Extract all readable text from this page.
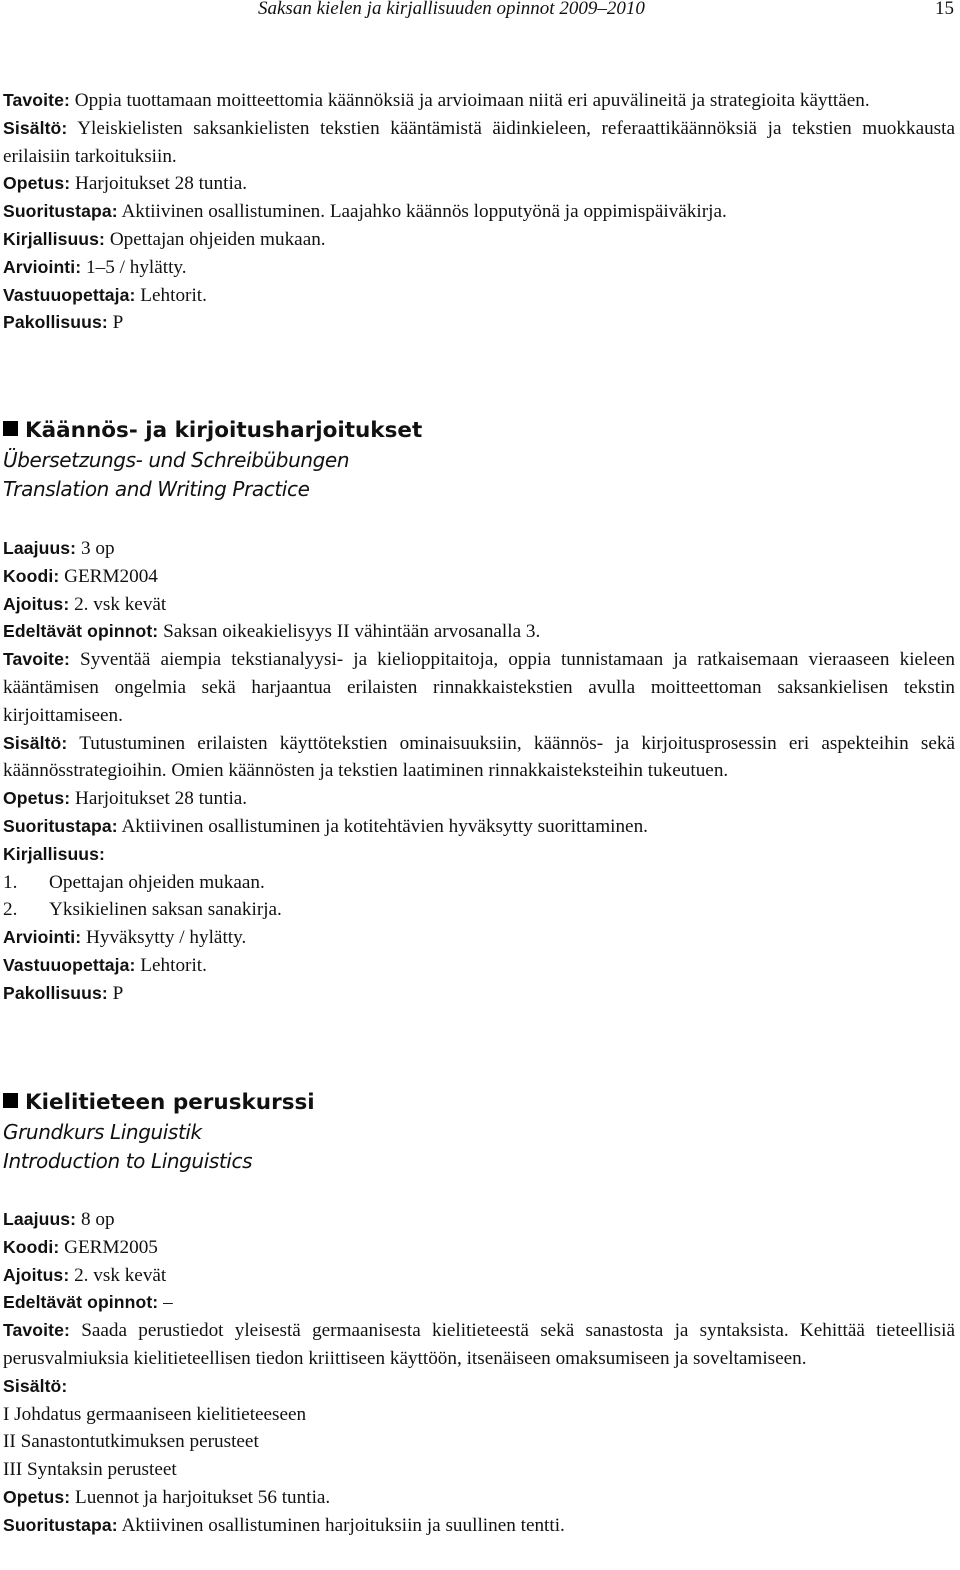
Saksan kielen ja kirjallisuuden opinnot 2009–2010	15

Tavoite: Oppia tuottamaan moitteettomia käännöksiä ja arvioimaan niitä eri apuvälineitä ja strategioita käyttäen.

Sisältö: Yleiskielisten saksankielisten tekstien kääntämistä äidinkieleen, referaattikäännöksiä ja tekstien muokkausta erilaisiin tarkoituksiin.

Opetus: Harjoitukset 28 tuntia.

Suoritustapa: Aktiivinen osallistuminen. Laajahko käännös lopputyönä ja oppimispäiväkirja.

Kirjallisuus: Opettajan ohjeiden mukaan.

Arviointi: 1–5 / hylätty.

Vastuuopettaja: Lehtorit.

Pakollisuus: P

Käännös- ja kirjoitusharjoitukset
Übersetzungs- und Schreibübungen
Translation and Writing Practice

Laajuus: 3 op

Koodi: GERM2004

Ajoitus: 2. vsk kevät

Edeltävät opinnot: Saksan oikeakielisyys II vähintään arvosanalla 3.

Tavoite: Syventää aiempia tekstianalyysi- ja kielioppitaitoja, oppia tunnistamaan ja ratkaisemaan vieraaseen kieleen kääntämisen ongelmia sekä harjaantua erilaisten rinnakkaistekstien avulla moitteettoman saksankielisen tekstin kirjoittamiseen.

Sisältö: Tutustuminen erilaisten käyttötekstien ominaisuuksiin, käännös- ja kirjoitusprosessin eri aspekteihin sekä käännösstrategioihin. Omien käännösten ja tekstien laatiminen rinnakkaisteksteihin tukeutuen.

Opetus: Harjoitukset 28 tuntia.

Suoritustapa: Aktiivinen osallistuminen ja kotitehtävien hyväksytty suorittaminen.

Kirjallisuus:

1. Opettajan ohjeiden mukaan.
2. Yksikielinen saksan sanakirja.

Arviointi: Hyväksytty / hylätty.

Vastuuopettaja: Lehtorit.

Pakollisuus: P

Kielitieteen peruskurssi
Grundkurs Linguistik
Introduction to Linguistics

Laajuus: 8 op

Koodi: GERM2005

Ajoitus: 2. vsk kevät

Edeltävät opinnot: –

Tavoite: Saada perustiedot yleisestä germaanisesta kielitieteestä sekä sanastosta ja syntaksista. Kehittää tieteellisiä perusvalmiuksia kielitieteellisen tiedon kriittiseen käyttöön, itsenäiseen omaksumiseen ja soveltamiseen.

Sisältö:

I Johdatus germaaniseen kielitieteeseen

II Sanastontutkimuksen perusteet

III Syntaksin perusteet

Opetus: Luennot ja harjoitukset 56 tuntia.

Suoritustapa: Aktiivinen osallistuminen harjoituksiin ja suullinen tentti.
